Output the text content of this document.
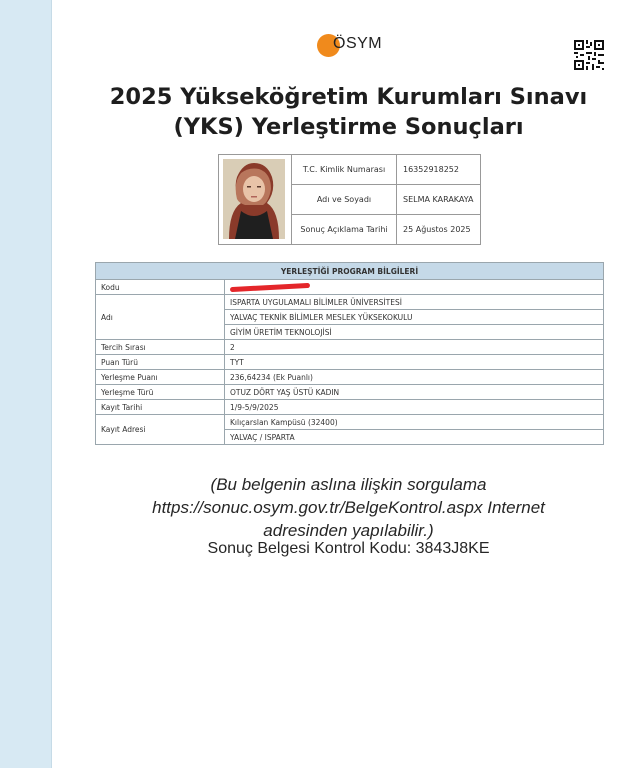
ÖSYM
2025 Yükseköğretim Kurumları Sınavı
(YKS) Yerleştirme Sonuçları
	T.C. Kimlik Numarası	16352918252
	Adı ve Soyadı	SELMA KARAKAYA
	Sonuç Açıklama Tarihi	25 Ağustos 2025
YERLEŞTİĞİ PROGRAM BİLGİLERİ	
Kodu	
Adı	ISPARTA UYGULAMALI BİLİMLER ÜNİVERSİTESİ
	YALVAÇ TEKNİK BİLİMLER MESLEK YÜKSEKOKULU
	GİYİM ÜRETİM TEKNOLOJİSİ
Tercih Sırası	2
Puan Türü	TYT
Yerleşme Puanı	236,64234 (Ek Puanlı)
Yerleşme Türü	OTUZ DÖRT YAŞ ÜSTÜ KADIN
Kayıt Tarihi	1/9-5/9/2025
Kayıt Adresi	Kılıçarslan Kampüsü (32400)
	YALVAÇ / ISPARTA
(Bu belgenin aslına ilişkin sorgulama
https://sonuc.osym.gov.tr/BelgeKontrol.aspx Internet
adresinden yapılabilir.)
Sonuç Belgesi Kontrol Kodu: 3843J8KE
